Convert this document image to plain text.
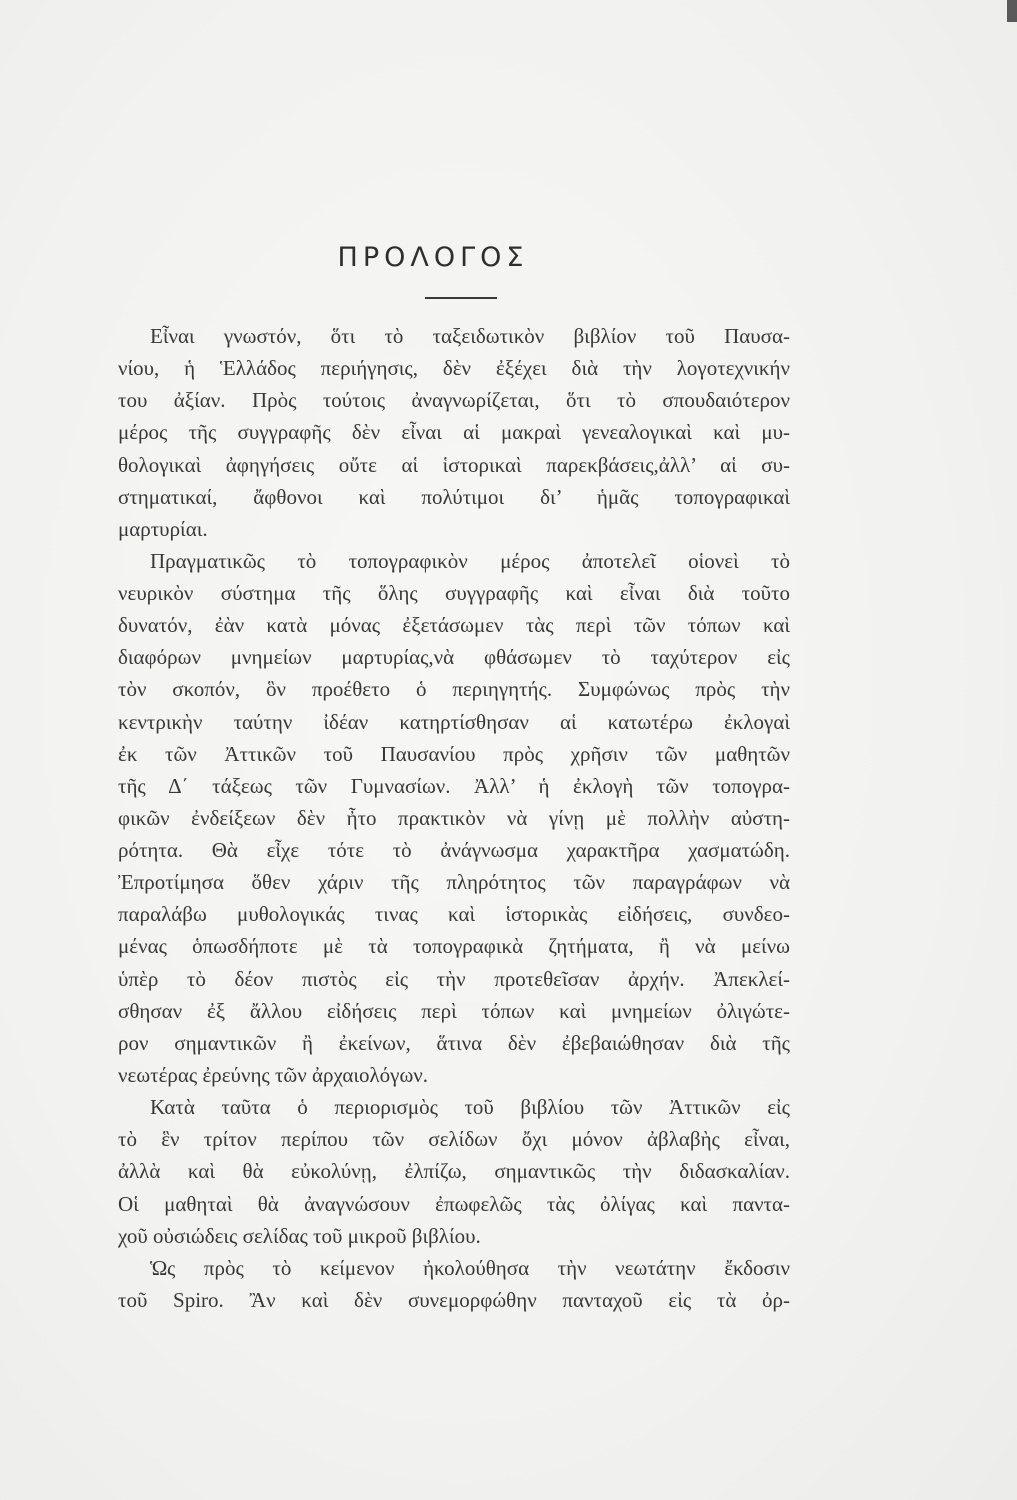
ΠΡΟΛΟΓΟΣ
Εἶναι γνωστόν, ὅτι τὸ ταξειδωτικὸν βιβλίον τοῦ Παυσα-
νίου, ἡ Ἑλλάδος περιήγησις, δὲν ἐξέχει διὰ τὴν λογοτεχνικήν
του ἀξίαν. Πρὸς τούτοις ἀναγνωρίζεται, ὅτι τὸ σπουδαιότερον
μέρος τῆς συγγραφῆς δὲν εἶναι αἱ μακραὶ γενεαλογικαὶ καὶ μυ-
θολογικαὶ ἀφηγήσεις οὔτε αἱ ἱστορικαὶ παρεκβάσεις,ἀλλ’ αἱ συ-
στηματικαί, ἄφθονοι καὶ πολύτιμοι δι’ ἡμᾶς τοπογραφικαὶ
μαρτυρίαι.
Πραγματικῶς τὸ τοπογραφικὸν μέρος ἀποτελεῖ οἱονεὶ τὸ
νευρικὸν σύστημα τῆς ὅλης συγγραφῆς καὶ εἶναι διὰ τοῦτο
δυνατόν, ἐὰν κατὰ μόνας ἐξετάσωμεν τὰς περὶ τῶν τόπων καὶ
διαφόρων μνημείων μαρτυρίας,νὰ φθάσωμεν τὸ ταχύτερον εἰς
τὸν σκοπόν, ὃν προέθετο ὁ περιηγητής. Συμφώνως πρὸς τὴν
κεντρικὴν ταύτην ἰδέαν κατηρτίσθησαν αἱ κατωτέρω ἐκλογαὶ
ἐκ τῶν Ἀττικῶν τοῦ Παυσανίου πρὸς χρῆσιν τῶν μαθητῶν
τῆς Δ΄ τάξεως τῶν Γυμνασίων. Ἀλλ’ ἡ ἐκλογὴ τῶν τοπογρα-
φικῶν ἐνδείξεων δὲν ἦτο πρακτικὸν νὰ γίνῃ μὲ πολλὴν αὐστη-
ρότητα. Θὰ εἶχε τότε τὸ ἀνάγνωσμα χαρακτῆρα χασματώδη.
Ἐπροτίμησα ὅθεν χάριν τῆς πληρότητος τῶν παραγράφων νὰ
παραλάβω μυθολογικάς τινας καὶ ἱστορικὰς εἰδήσεις, συνδεο-
μένας ὁπωσδήποτε μὲ τὰ τοπογραφικὰ ζητήματα, ἢ νὰ μείνω
ὑπὲρ τὸ δέον πιστὸς εἰς τὴν προτεθεῖσαν ἀρχήν. Ἀπεκλεί-
σθησαν ἐξ ἄλλου εἰδήσεις περὶ τόπων καὶ μνημείων ὀλιγώτε-
ρον σημαντικῶν ἢ ἐκείνων, ἅτινα δὲν ἐβεβαιώθησαν διὰ τῆς
νεωτέρας ἐρεύνης τῶν ἀρχαιολόγων.
Κατὰ ταῦτα ὁ περιορισμὸς τοῦ βιβλίου τῶν Ἀττικῶν εἰς
τὸ ἓν τρίτον περίπου τῶν σελίδων ὄχι μόνον ἀβλαβὴς εἶναι,
ἀλλὰ καὶ θὰ εὐκολύνῃ, ἐλπίζω, σημαντικῶς τὴν διδασκαλίαν.
Οἱ μαθηταὶ θὰ ἀναγνώσουν ἐπωφελῶς τὰς ὀλίγας καὶ παντα-
χοῦ οὐσιώδεις σελίδας τοῦ μικροῦ βιβλίου.
Ὡς πρὸς τὸ κείμενον ἠκολούθησα τὴν νεωτάτην ἔκδοσιν
τοῦ Spiro. Ἂν καὶ δὲν συνεμορφώθην πανταχοῦ εἰς τὰ ὀρ-
